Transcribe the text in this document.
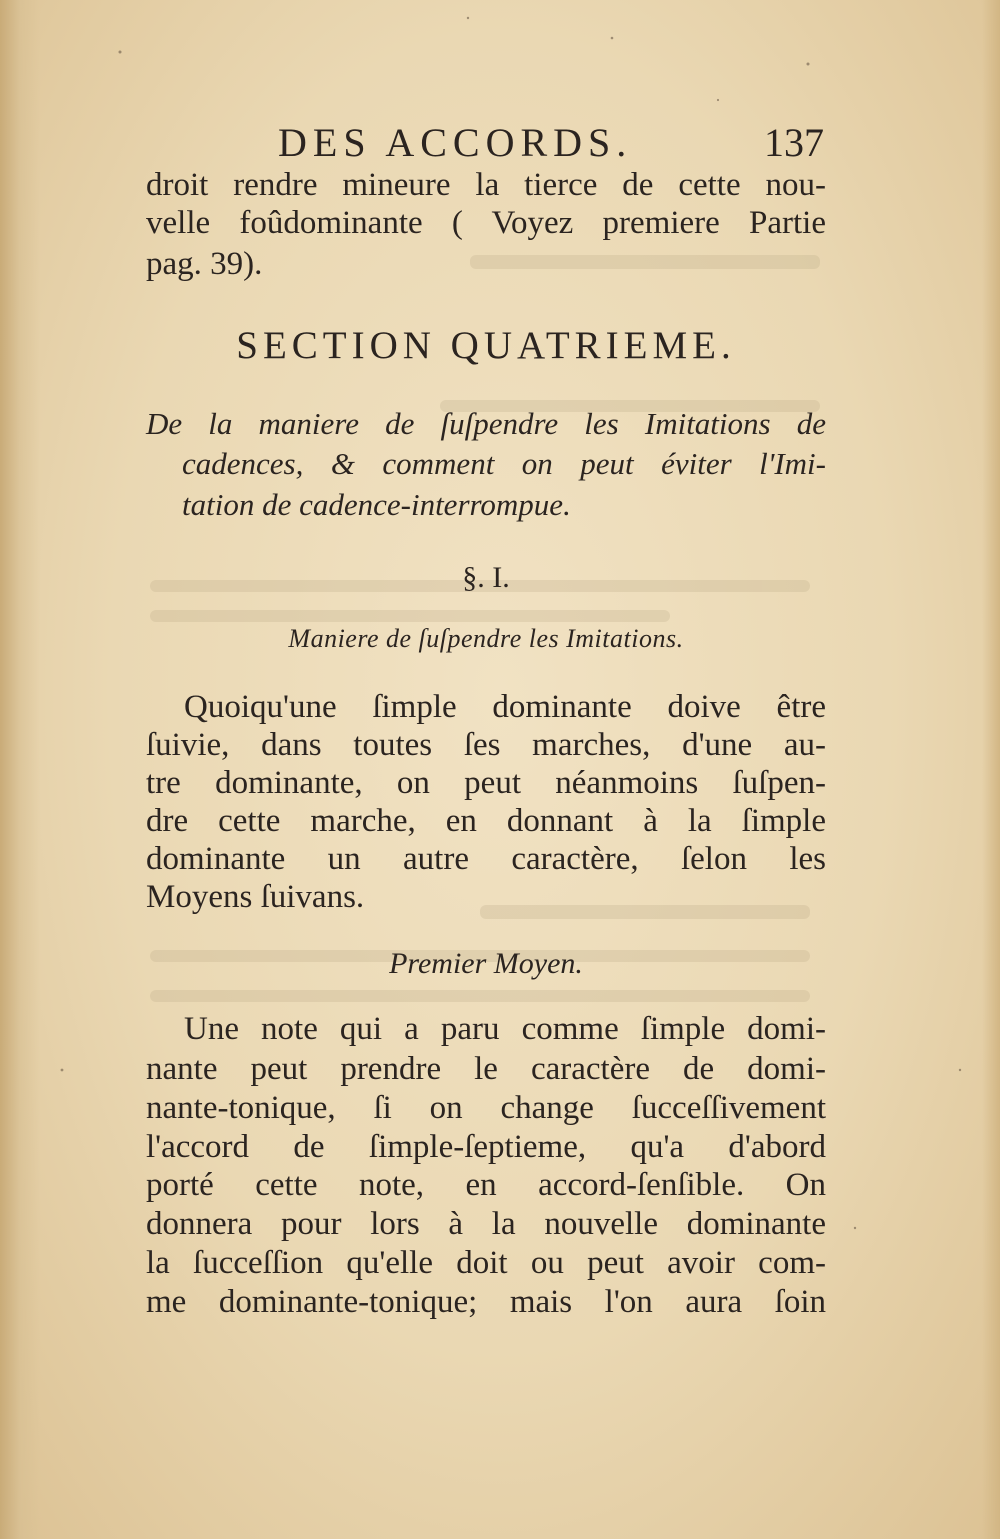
DES ACCORDS.	137
droit rendre mineure la tierce de cette nou-
velle foûdominante ( Voyez premiere Partie
pag. 39).
SECTION QUATRIEME.
De la maniere de ſuſpendre les Imitations de
cadences, & comment on peut éviter l'Imi-
tation de cadence-interrompue.
§. I.
Maniere de ſuſpendre les Imitations.
Quoiqu'une ſimple dominante doive être
ſuivie, dans toutes ſes marches, d'une au-
tre dominante, on peut néanmoins ſuſpen-
dre cette marche, en donnant à la ſimple
dominante un autre caractère, ſelon les
Moyens ſuivans.
Premier Moyen.
Une note qui a paru comme ſimple domi-
nante peut prendre le caractère de domi-
nante-tonique, ſi on change ſucceſſivement
l'accord de ſimple-ſeptieme, qu'a d'abord
porté cette note, en accord-ſenſible. On
donnera pour lors à la nouvelle dominante
la ſucceſſion qu'elle doit ou peut avoir com-
me dominante-tonique; mais l'on aura ſoin
